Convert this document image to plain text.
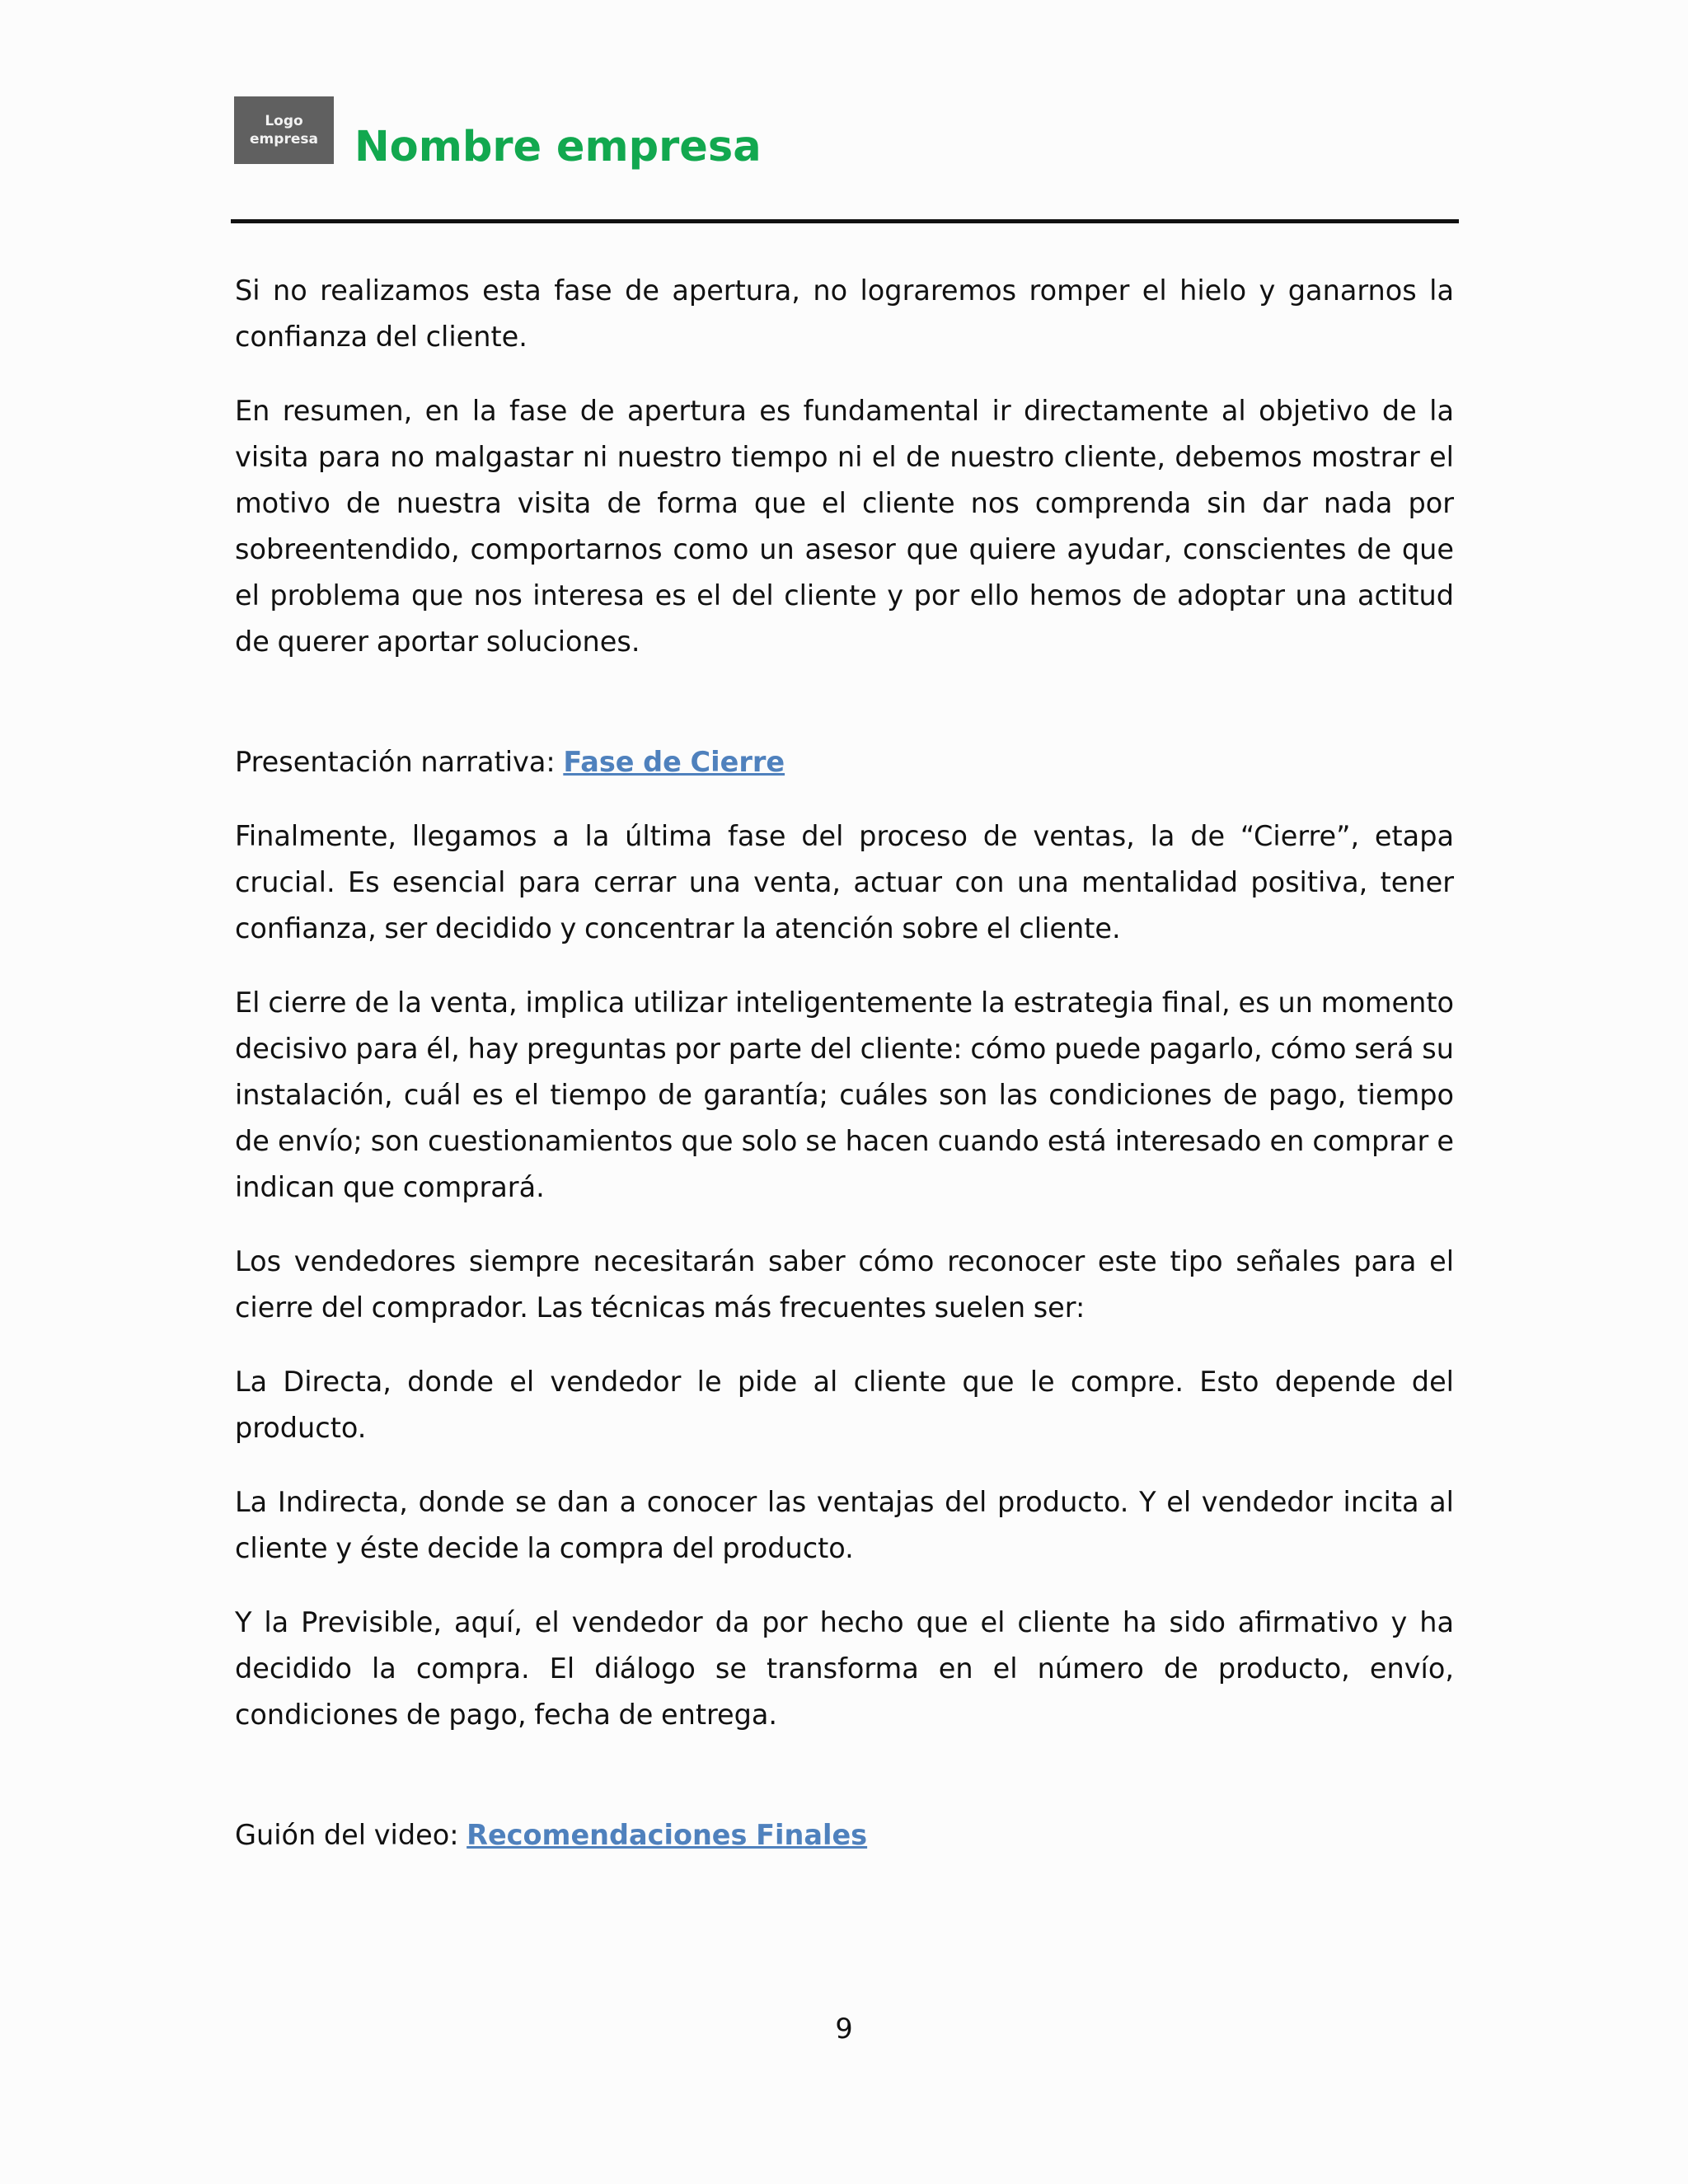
Logo
empresa Nombre empresa

Si no realizamos esta fase de apertura, no lograremos romper el hielo y ganarnos la confianza del cliente.

En resumen, en la fase de apertura es fundamental ir directamente al objetivo de la visita para no malgastar ni nuestro tiempo ni el de nuestro cliente, debemos mostrar el motivo de nuestra visita de forma que el cliente nos comprenda sin dar nada por sobreentendido, comportarnos como un asesor que quiere ayudar, conscientes de que el problema que nos interesa es el del cliente y por ello hemos de adoptar una actitud de querer aportar soluciones.

Presentación narrativa: Fase de Cierre

Finalmente, llegamos a la última fase del proceso de ventas, la de “Cierre”, etapa crucial. Es esencial para cerrar una venta, actuar con una mentalidad positiva, tener confianza, ser decidido y concentrar la atención sobre el cliente.

El cierre de la venta, implica utilizar inteligentemente la estrategia final, es un momento decisivo para él, hay preguntas por parte del cliente: cómo puede pagarlo, cómo será su instalación, cuál es el tiempo de garantía; cuáles son las condiciones de pago, tiempo de envío; son cuestionamientos que solo se hacen cuando está interesado en comprar e indican que comprará.

Los vendedores siempre necesitarán saber cómo reconocer este tipo señales para el cierre del comprador. Las técnicas más frecuentes suelen ser:

La Directa, donde el vendedor le pide al cliente que le compre. Esto depende del producto.

La Indirecta, donde se dan a conocer las ventajas del producto. Y el vendedor incita al cliente y éste decide la compra del producto.

Y la Previsible, aquí, el vendedor da por hecho que el cliente ha sido afirmativo y ha decidido la compra. El diálogo se transforma en el número de producto, envío, condiciones de pago, fecha de entrega.

Guión del video: Recomendaciones Finales

9
